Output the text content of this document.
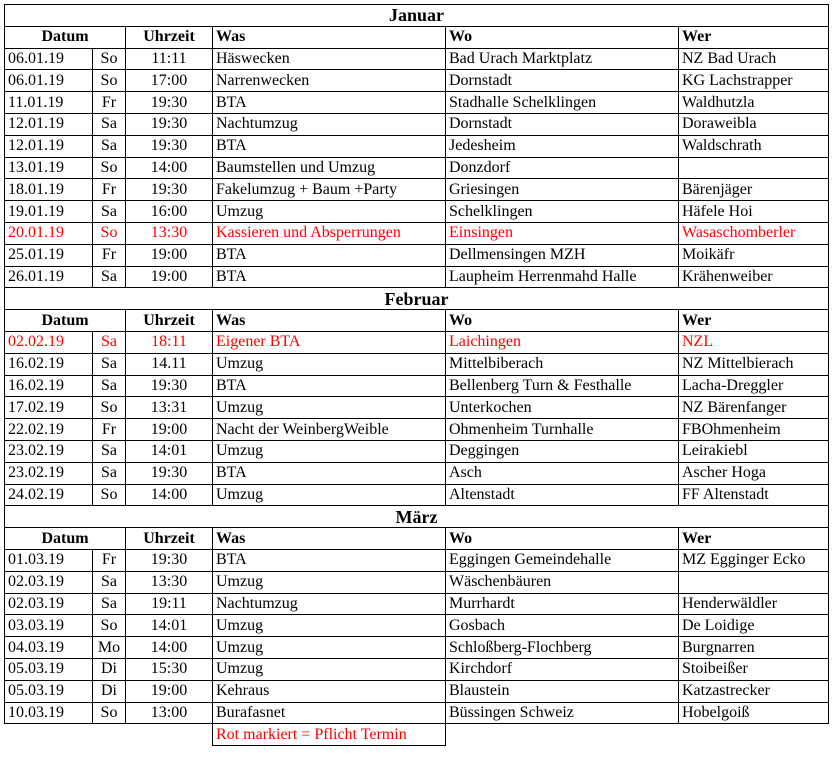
Januar					
Datum		Uhrzeit	Was	Wo	Wer
06.01.19	So	11:11	Häswecken	Bad Urach Marktplatz	NZ Bad Urach
06.01.19	So	17:00	Narrenwecken	Dornstadt	KG Lachstrapper
11.01.19	Fr	19:30	BTA	Stadhalle Schelklingen	Waldhutzla
12.01.19	Sa	19:30	Nachtumzug	Dornstadt	Doraweibla
12.01.19	Sa	19:30	BTA	Jedesheim	Waldschrath
13.01.19	So	14:00	Baumstellen und Umzug	Donzdorf	
18.01.19	Fr	19:30	Fakelumzug + Baum +Party	Griesingen	Bärenjäger
19.01.19	Sa	16:00	Umzug	Schelklingen	Häfele Hoi
20.01.19	So	13:30	Kassieren und Absperrungen	Einsingen	Wasaschomberler
25.01.19	Fr	19:00	BTA	Dellmensingen MZH	Moikäfr
26.01.19	Sa	19:00	BTA	Laupheim Herrenmahd Halle	Krähenweiber
Februar					
Datum		Uhrzeit	Was	Wo	Wer
02.02.19	Sa	18:11	Eigener BTA	Laichingen	NZL
16.02.19	Sa	14.11	Umzug	Mittelbiberach	NZ Mittelbierach
16.02.19	Sa	19:30	BTA	Bellenberg Turn & Festhalle	Lacha-Dreggler
17.02.19	So	13:31	Umzug	Unterkochen	NZ Bärenfanger
22.02.19	Fr	19:00	Nacht der WeinbergWeible	Ohmenheim Turnhalle	FBOhmenheim
23.02.19	Sa	14:01	Umzug	Deggingen	Leirakiebl
23.02.19	Sa	19:30	BTA	Asch	Ascher Hoga
24.02.19	So	14:00	Umzug	Altenstadt	FF Altenstadt
März					
Datum		Uhrzeit	Was	Wo	Wer
01.03.19	Fr	19:30	BTA	Eggingen Gemeindehalle	MZ Egginger Ecko
02.03.19	Sa	13:30	Umzug	Wäschenbäuren	
02.03.19	Sa	19:11	Nachtumzug	Murrhardt	Henderwäldler
03.03.19	So	14:01	Umzug	Gosbach	De Loidige
04.03.19	Mo	14:00	Umzug	Schloßberg-Flochberg	Burgnarren
05.03.19	Di	15:30	Umzug	Kirchdorf	Stoibeißer
05.03.19	Di	19:00	Kehraus	Blaustein	Katzastrecker
10.03.19	So	13:00	Burafasnet	Büssingen Schweiz	Hobelgoiß
			Rot markiert = Pflicht Termin		
